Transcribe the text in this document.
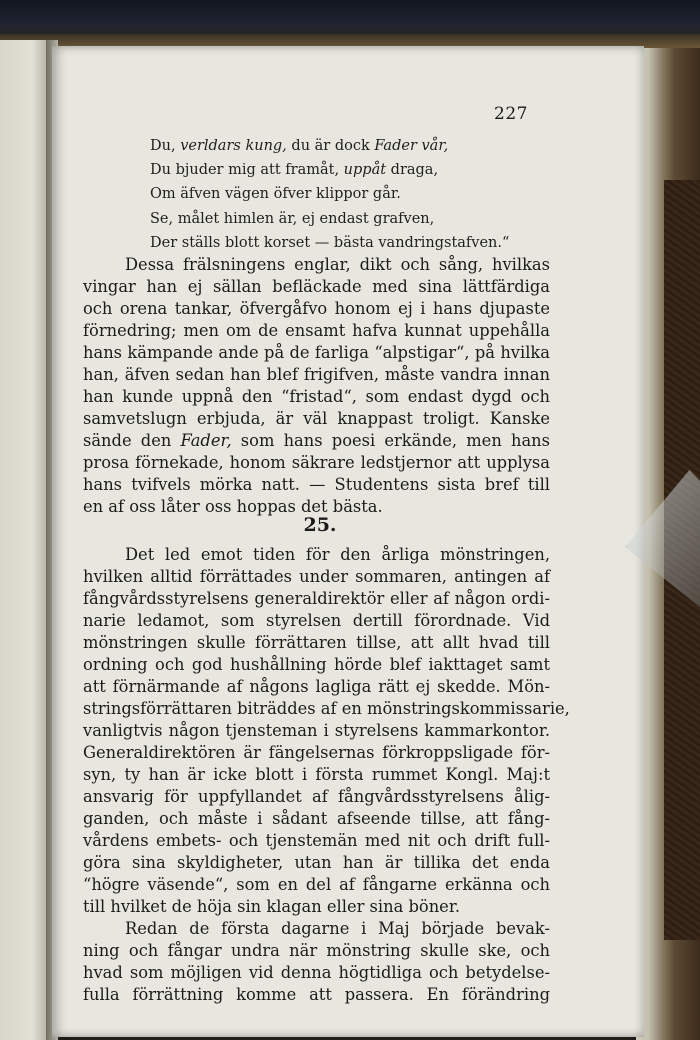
227
Du, verldars kung, du är dock Fader vår,
Du bjuder mig att framåt, uppåt draga,
Om äfven vägen öfver klippor går.
Se, målet himlen är, ej endast grafven,
Der ställs blott korset — bästa vandringstafven.“
Dessa frälsningens englar, dikt och sång, hvilkas
vingar han ej sällan befläckade med sina lättfärdiga
och orena tankar, öfvergåfvo honom ej i hans djupaste
förnedring; men om de ensamt hafva kunnat uppehålla
hans kämpande ande på de farliga “alpstigar“, på hvilka
han, äfven sedan han blef frigifven, måste vandra innan
han kunde uppnå den “fristad“, som endast dygd och
samvetslugn erbjuda, är väl knappast troligt. Kanske
sände den Fader, som hans poesi erkände, men hans
prosa förnekade, honom säkrare ledstjernor att upplysa
hans tvifvels mörka natt. — Studentens sista bref till
en af oss låter oss hoppas det bästa.
25.
Det led emot tiden för den årliga mönstringen,
hvilken alltid förrättades under sommaren, antingen af
fångvårdsstyrelsens generaldirektör eller af någon ordi-
narie ledamot, som styrelsen dertill förordnade. Vid
mönstringen skulle förrättaren tillse, att allt hvad till
ordning och god hushållning hörde blef iakttaget samt
att förnärmande af någons lagliga rätt ej skedde. Mön-
stringsförrättaren biträddes af en mönstringskommissarie,
vanligtvis någon tjensteman i styrelsens kammarkontor.
Generaldirektören är fängelsernas förkroppsligade för-
syn, ty han är icke blott i första rummet Kongl. Maj:t
ansvarig för uppfyllandet af fångvårdsstyrelsens ålig-
ganden, och måste i sådant afseende tillse, att fång-
vårdens embets- och tjenstemän med nit och drift full-
göra sina skyldigheter, utan han är tillika det enda
“högre väsende“, som en del af fångarne erkänna och
till hvilket de höja sin klagan eller sina böner.
Redan de första dagarne i Maj började bevak-
ning och fångar undra när mönstring skulle ske, och
hvad som möjligen vid denna högtidliga och betydelse-
fulla förrättning komme att passera. En förändring
